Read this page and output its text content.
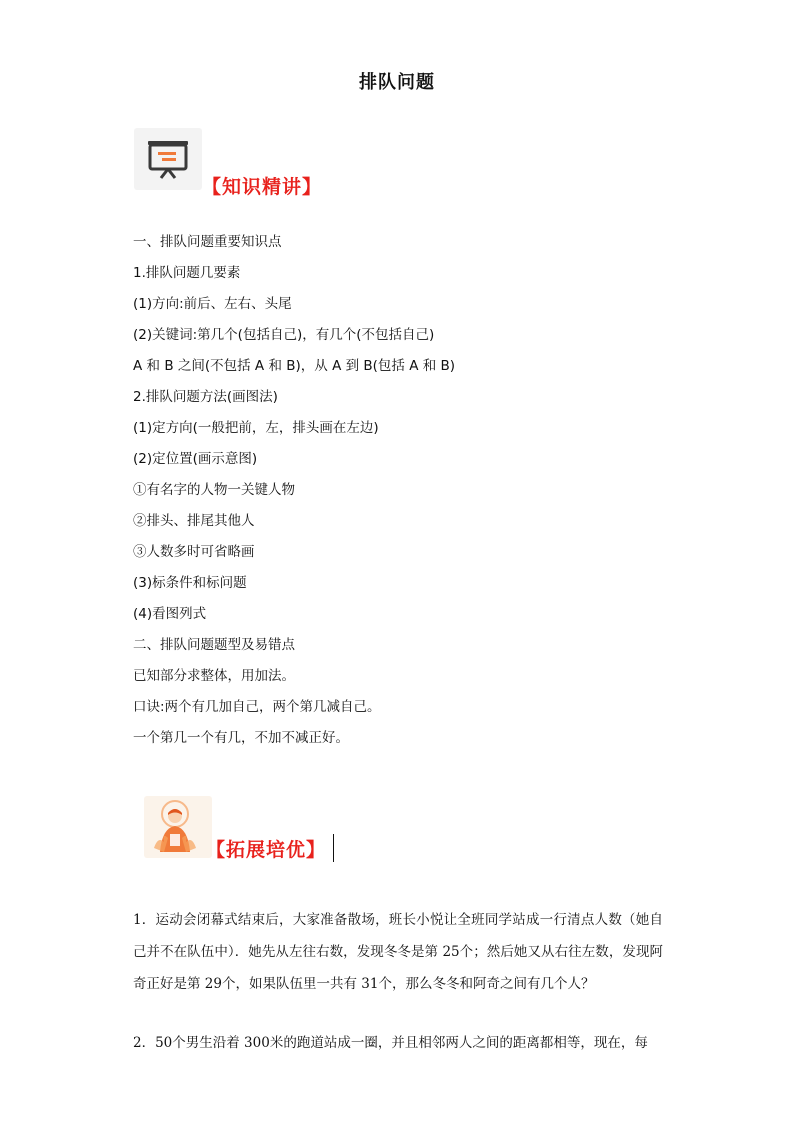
排队问题
【知识精讲】
一、排队问题重要知识点
1.排队问题几要素
(1)方向:前后、左右、头尾
(2)关键词:第几个(包括自己)，有几个(不包括自己)
A 和 B 之间(不包括 A 和 B)，从 A 到 B(包括 A 和 B)
2.排队问题方法(画图法)
(1)定方向(一般把前，左，排头画在左边)
(2)定位置(画示意图)
①有名字的人物一关键人物
②排头、排尾其他人
③人数多时可省略画
(3)标条件和标问题
(4)看图列式
二、排队问题题型及易错点
已知部分求整体，用加法。
口诀:两个有几加自己，两个第几减自己。
一个第几一个有几，不加不减正好。
【拓展培优】
1．运动会闭幕式结束后，大家准备散场，班长小悦让全班同学站成一行清点人数（她自己并不在队伍中）．她先从左往右数，发现冬冬是第 25个；然后她又从右往左数，发现阿奇正好是第 29个，如果队伍里一共有 31个，那么冬冬和阿奇之间有几个人？
2．50个男生沿着 300米的跑道站成一圈，并且相邻两人之间的距离都相等，现在，每
